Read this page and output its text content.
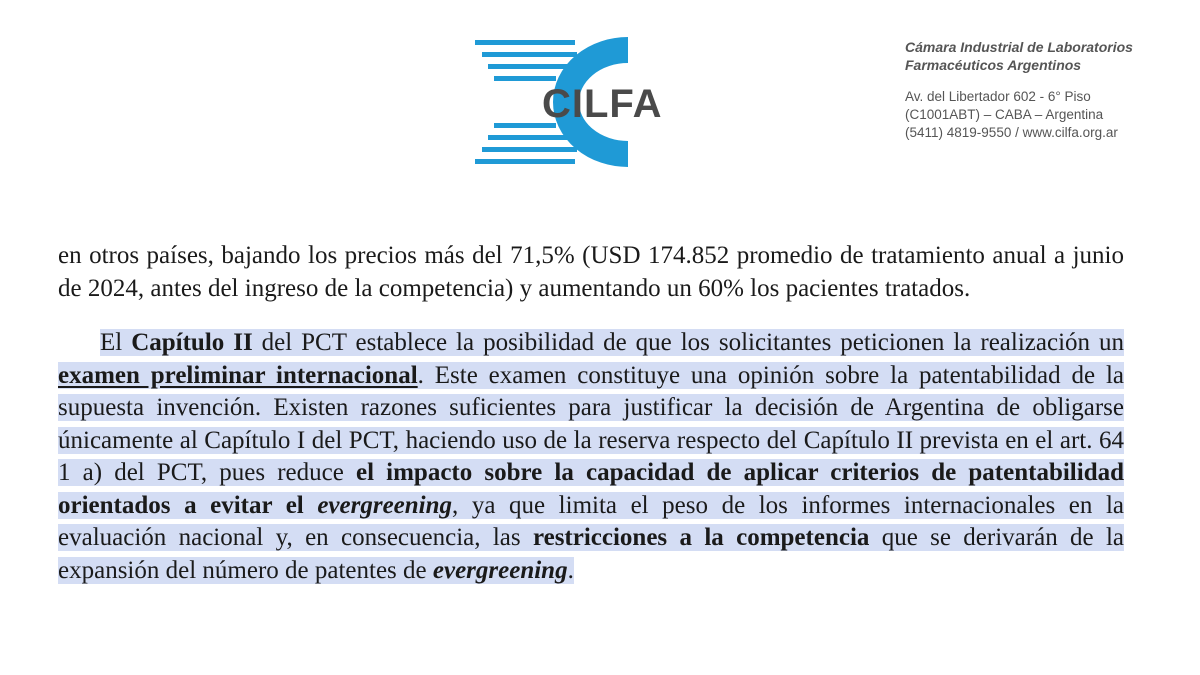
CILFA
Cámara Industrial de Laboratorios
Farmacéuticos Argentinos
Av. del Libertador 602 - 6° Piso
(C1001ABT) – CABA – Argentina
(5411) 4819-9550 / www.cilfa.org.ar

en otros países, bajando los precios más del 71,5% (USD 174.852 promedio de tratamiento anual a junio de 2024, antes del ingreso de la competencia) y aumentando un 60% los pacientes tratados.

El Capítulo II del PCT establece la posibilidad de que los solicitantes peticionen la realización un examen preliminar internacional. Este examen constituye una opinión sobre la patentabilidad de la supuesta invención. Existen razones suficientes para justificar la decisión de Argentina de obligarse únicamente al Capítulo I del PCT, haciendo uso de la reserva respecto del Capítulo II prevista en el art. 64 1 a) del PCT, pues reduce el impacto sobre la capacidad de aplicar criterios de patentabilidad orientados a evitar el evergreening, ya que limita el peso de los informes internacionales en la evaluación nacional y, en consecuencia, las restricciones a la competencia que se derivarán de la expansión del número de patentes de evergreening.
